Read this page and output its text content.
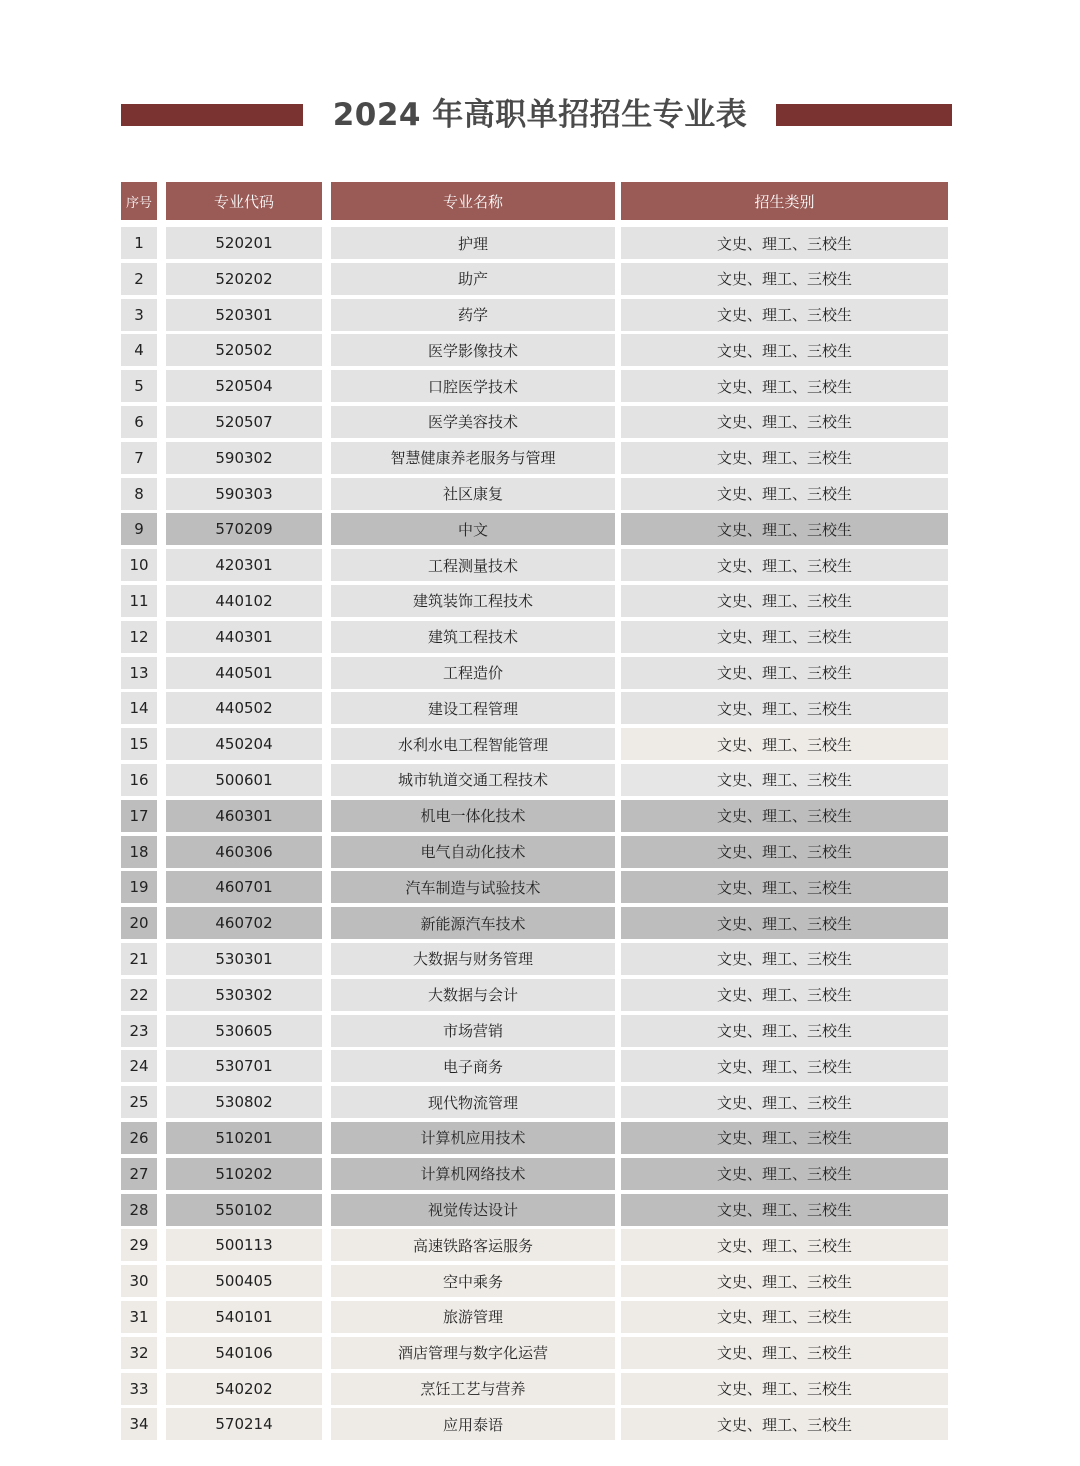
2024 年高职单招招生专业表
序号	专业代码	专业名称	招生类别
1	520201	护理	文史、理工、三校生
2	520202	助产	文史、理工、三校生
3	520301	药学	文史、理工、三校生
4	520502	医学影像技术	文史、理工、三校生
5	520504	口腔医学技术	文史、理工、三校生
6	520507	医学美容技术	文史、理工、三校生
7	590302	智慧健康养老服务与管理	文史、理工、三校生
8	590303	社区康复	文史、理工、三校生
9	570209	中文	文史、理工、三校生
10	420301	工程测量技术	文史、理工、三校生
11	440102	建筑装饰工程技术	文史、理工、三校生
12	440301	建筑工程技术	文史、理工、三校生
13	440501	工程造价	文史、理工、三校生
14	440502	建设工程管理	文史、理工、三校生
15	450204	水利水电工程智能管理	文史、理工、三校生
16	500601	城市轨道交通工程技术	文史、理工、三校生
17	460301	机电一体化技术	文史、理工、三校生
18	460306	电气自动化技术	文史、理工、三校生
19	460701	汽车制造与试验技术	文史、理工、三校生
20	460702	新能源汽车技术	文史、理工、三校生
21	530301	大数据与财务管理	文史、理工、三校生
22	530302	大数据与会计	文史、理工、三校生
23	530605	市场营销	文史、理工、三校生
24	530701	电子商务	文史、理工、三校生
25	530802	现代物流管理	文史、理工、三校生
26	510201	计算机应用技术	文史、理工、三校生
27	510202	计算机网络技术	文史、理工、三校生
28	550102	视觉传达设计	文史、理工、三校生
29	500113	高速铁路客运服务	文史、理工、三校生
30	500405	空中乘务	文史、理工、三校生
31	540101	旅游管理	文史、理工、三校生
32	540106	酒店管理与数字化运营	文史、理工、三校生
33	540202	烹饪工艺与营养	文史、理工、三校生
34	570214	应用泰语	文史、理工、三校生
